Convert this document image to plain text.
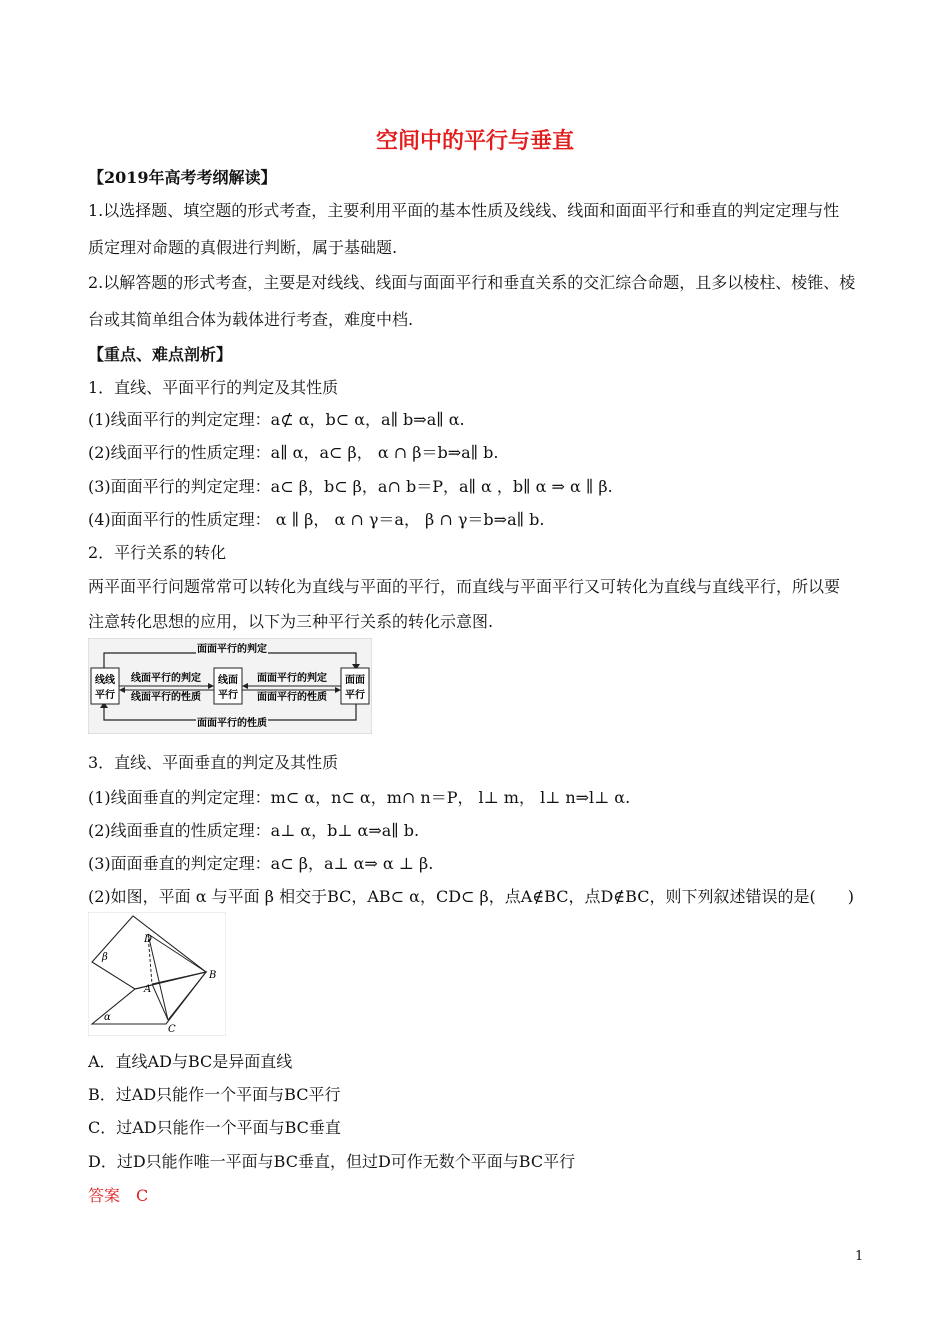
空间中的平行与垂直
【2019年高考考纲解读】
1.以选择题、填空题的形式考查，主要利用平面的基本性质及线线、线面和面面平行和垂直的判定定理与性
质定理对命题的真假进行判断，属于基础题.
2.以解答题的形式考查，主要是对线线、线面与面面平行和垂直关系的交汇综合命题，且多以棱柱、棱锥、棱
台或其简单组合体为载体进行考查，难度中档.
【重点、难点剖析】
1．直线、平面平行的判定及其性质
(1)线面平行的判定定理：a⊄ α，b⊂ α，a∥ b⇒a∥ α.
(2)线面平行的性质定理：a∥ α，a⊂ β， α ∩ β＝b⇒a∥ b.
(3)面面平行的判定定理：a⊂ β，b⊂ β，a∩ b＝P，a∥ α ，b∥ α ⇒ α ∥ β.
(4)面面平行的性质定理： α ∥ β， α ∩ γ＝a， β ∩ γ＝b⇒a∥ b.
2．平行关系的转化
两平面平行问题常常可以转化为直线与平面的平行，而直线与平面平行又可转化为直线与直线平行，所以要
注意转化思想的应用，以下为三种平行关系的转化示意图.
面面平行的判定
面面平行的性质
线线
平行
线面
平行
面面
平行
线面平行的判定
线面平行的性质
面面平行的判定
面面平行的性质
3．直线、平面垂直的判定及其性质
(1)线面垂直的判定定理：m⊂ α，n⊂ α，m∩ n＝P， l⊥ m， l⊥ n⇒l⊥ α.
(2)线面垂直的性质定理：a⊥ α，b⊥ α⇒a∥ b.
(3)面面垂直的判定定理：a⊂ β，a⊥ α⇒ α ⊥ β.
(2)如图，平面 α 与平面 β 相交于BC，AB⊂ α，CD⊂ β，点A∉BC，点D∉BC，则下列叙述错误的是(　　)
D
β
B
A
α
C
A．直线AD与BC是异面直线
B．过AD只能作一个平面与BC平行
C．过AD只能作一个平面与BC垂直
D．过D只能作唯一平面与BC垂直，但过D可作无数个平面与BC平行
答案　C
1
